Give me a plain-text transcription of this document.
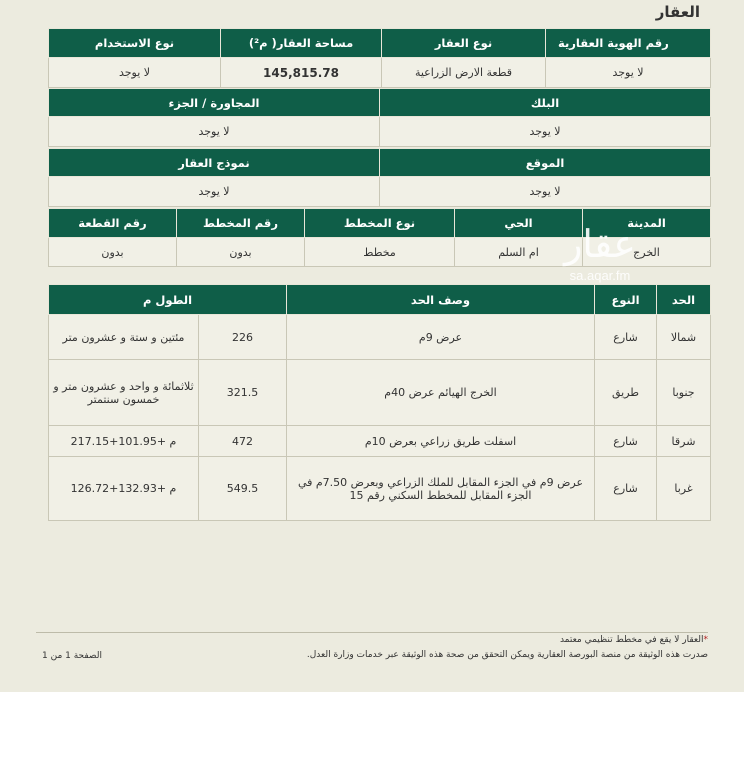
العقار
رقم الهوية العقارية	نوع العقار	مساحة العقار( م²)	نوع الاستخدام
لا يوجد	قطعة الارض الزراعية	145,815.78	لا يوجد
البلك	المجاورة / الجزء
لا يوجد	لا يوجد
الموقع	نموذج العقار
لا يوجد	لا يوجد
المدينة	الحي	نوع المخطط	رقم المخطط	رقم القطعة
الخرج	ام السلم	مخطط	بدون	بدون
الحد	النوع	وصف الحد	الطول م	
شمالا	شارع	عرض 9م	226	مئتين و ستة و عشرون متر
جنوبا	طريق	الخرج الهيائم عرض 40م	321.5	ثلاثمائة و واحد و عشرون متر و خمسون سنتمتر
شرقا	شارع	اسفلت طريق زراعي بعرض 10م	472	م +101.95+217.15
غربا	شارع	عرض 9م في الجزء المقابل للملك الزراعي وبعرض 7.50م في الجزء المقابل للمخطط السكني رقم 15	549.5	م +132.93+126.72
عقار
sa.aqar.fm
*العقار لا يقع في مخطط تنظيمي معتمد
صدرت هذه الوثيقة من منصة البورصة العقارية ويمكن التحقق من صحة هذه الوثيقة عبر خدمات وزارة العدل.
الصفحة 1 من 1
